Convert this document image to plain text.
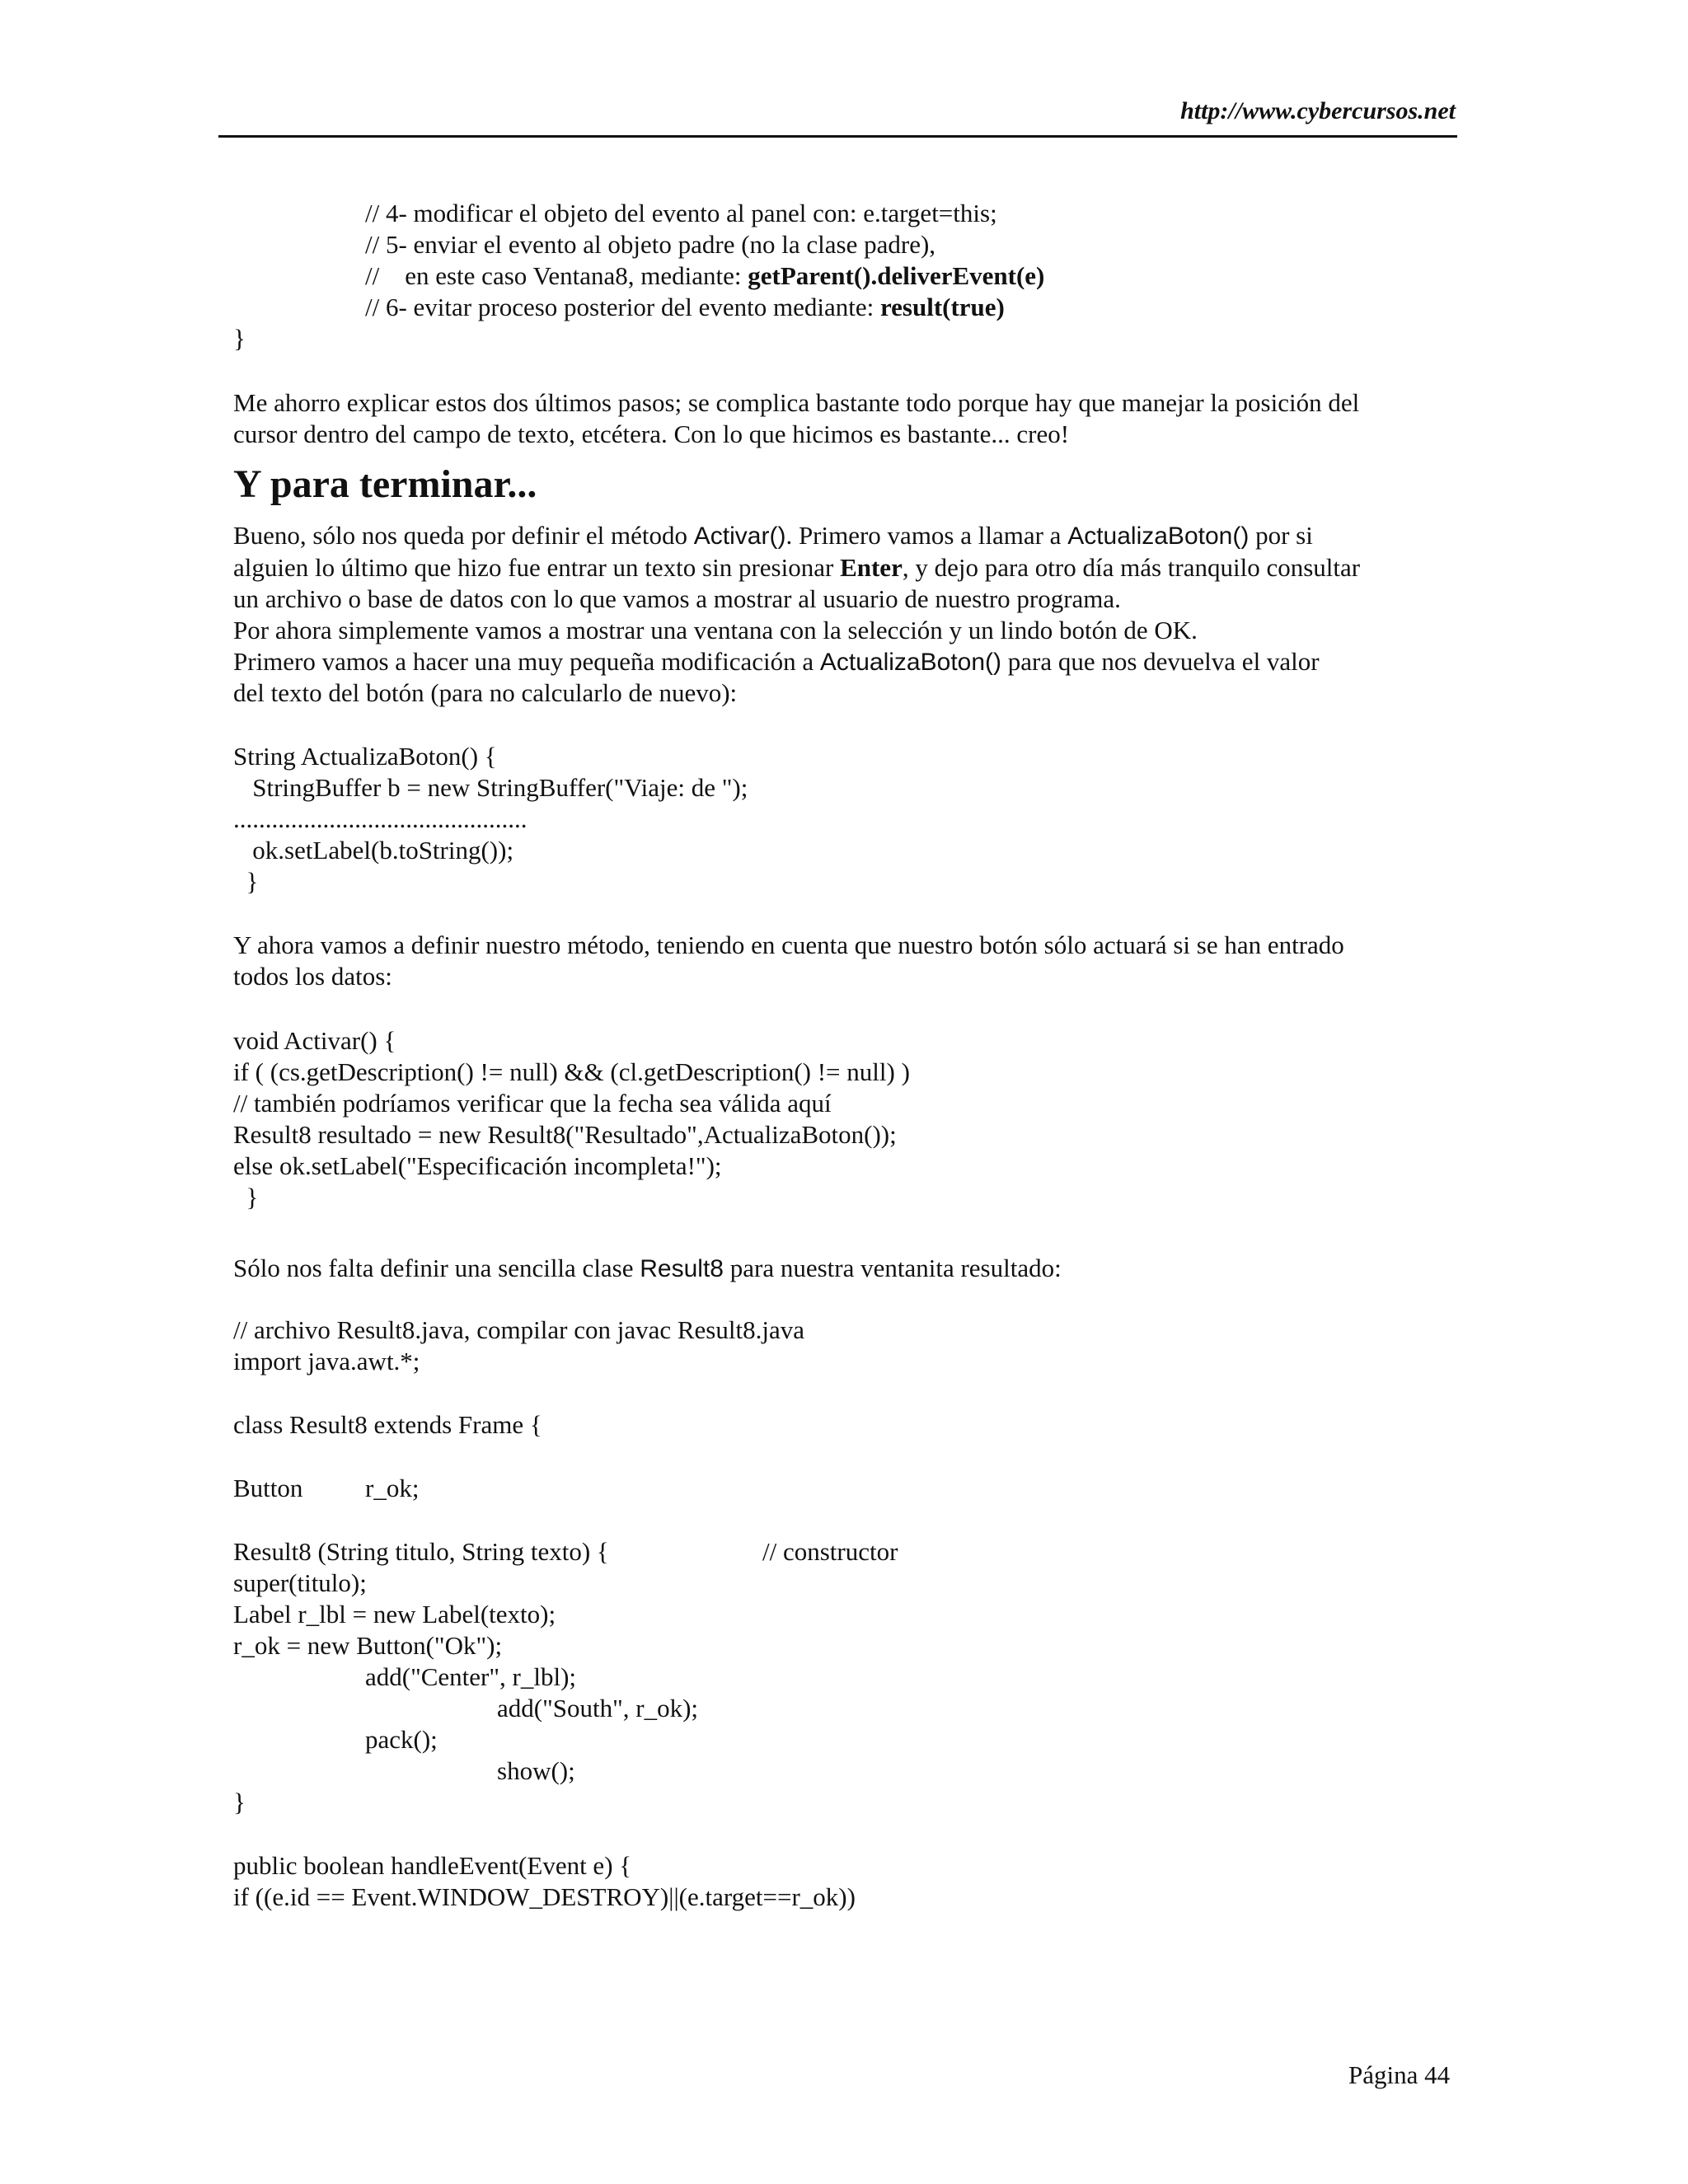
http://www.cybercursos.net
// 4- modificar el objeto del evento al panel con: e.target=this;
// 5- enviar el evento al objeto padre (no la clase padre),
//    en este caso Ventana8, mediante: getParent().deliverEvent(e)
// 6- evitar proceso posterior del evento mediante: result(true)
}
Me ahorro explicar estos dos últimos pasos; se complica bastante todo porque hay que manejar la posición del
cursor dentro del campo de texto, etcétera. Con lo que hicimos es bastante... creo!
Y para terminar...
Bueno, sólo nos queda por definir el método Activar(). Primero vamos a llamar a ActualizaBoton() por si
alguien lo último que hizo fue entrar un texto sin presionar Enter, y dejo para otro día más tranquilo consultar
un archivo o base de datos con lo que vamos a mostrar al usuario de nuestro programa.
Por ahora simplemente vamos a mostrar una ventana con la selección y un lindo botón de OK.
Primero vamos a hacer una muy pequeña modificación a ActualizaBoton() para que nos devuelva el valor
del texto del botón (para no calcularlo de nuevo):
String ActualizaBoton() {
StringBuffer b = new StringBuffer("Viaje: de ");
..............................................
ok.setLabel(b.toString());
}
Y ahora vamos a definir nuestro método, teniendo en cuenta que nuestro botón sólo actuará si se han entrado
todos los datos:
void Activar() {
if ( (cs.getDescription() != null) && (cl.getDescription() != null) )
// también podríamos verificar que la fecha sea válida aquí
Result8 resultado = new Result8("Resultado",ActualizaBoton());
else ok.setLabel("Especificación incompleta!");
}
Sólo nos falta definir una sencilla clase Result8 para nuestra ventanita resultado:
// archivo Result8.java, compilar con javac Result8.java
import java.awt.*;
class Result8 extends Frame {
Button r_ok;
Result8 (String titulo, String texto) {	// constructor
super(titulo);
Label r_lbl = new Label(texto);
r_ok = new Button("Ok");
add("Center", r_lbl);
add("South", r_ok);
pack();
show();
}
public boolean handleEvent(Event e) {
if ((e.id == Event.WINDOW_DESTROY)||(e.target==r_ok))
Página 44
